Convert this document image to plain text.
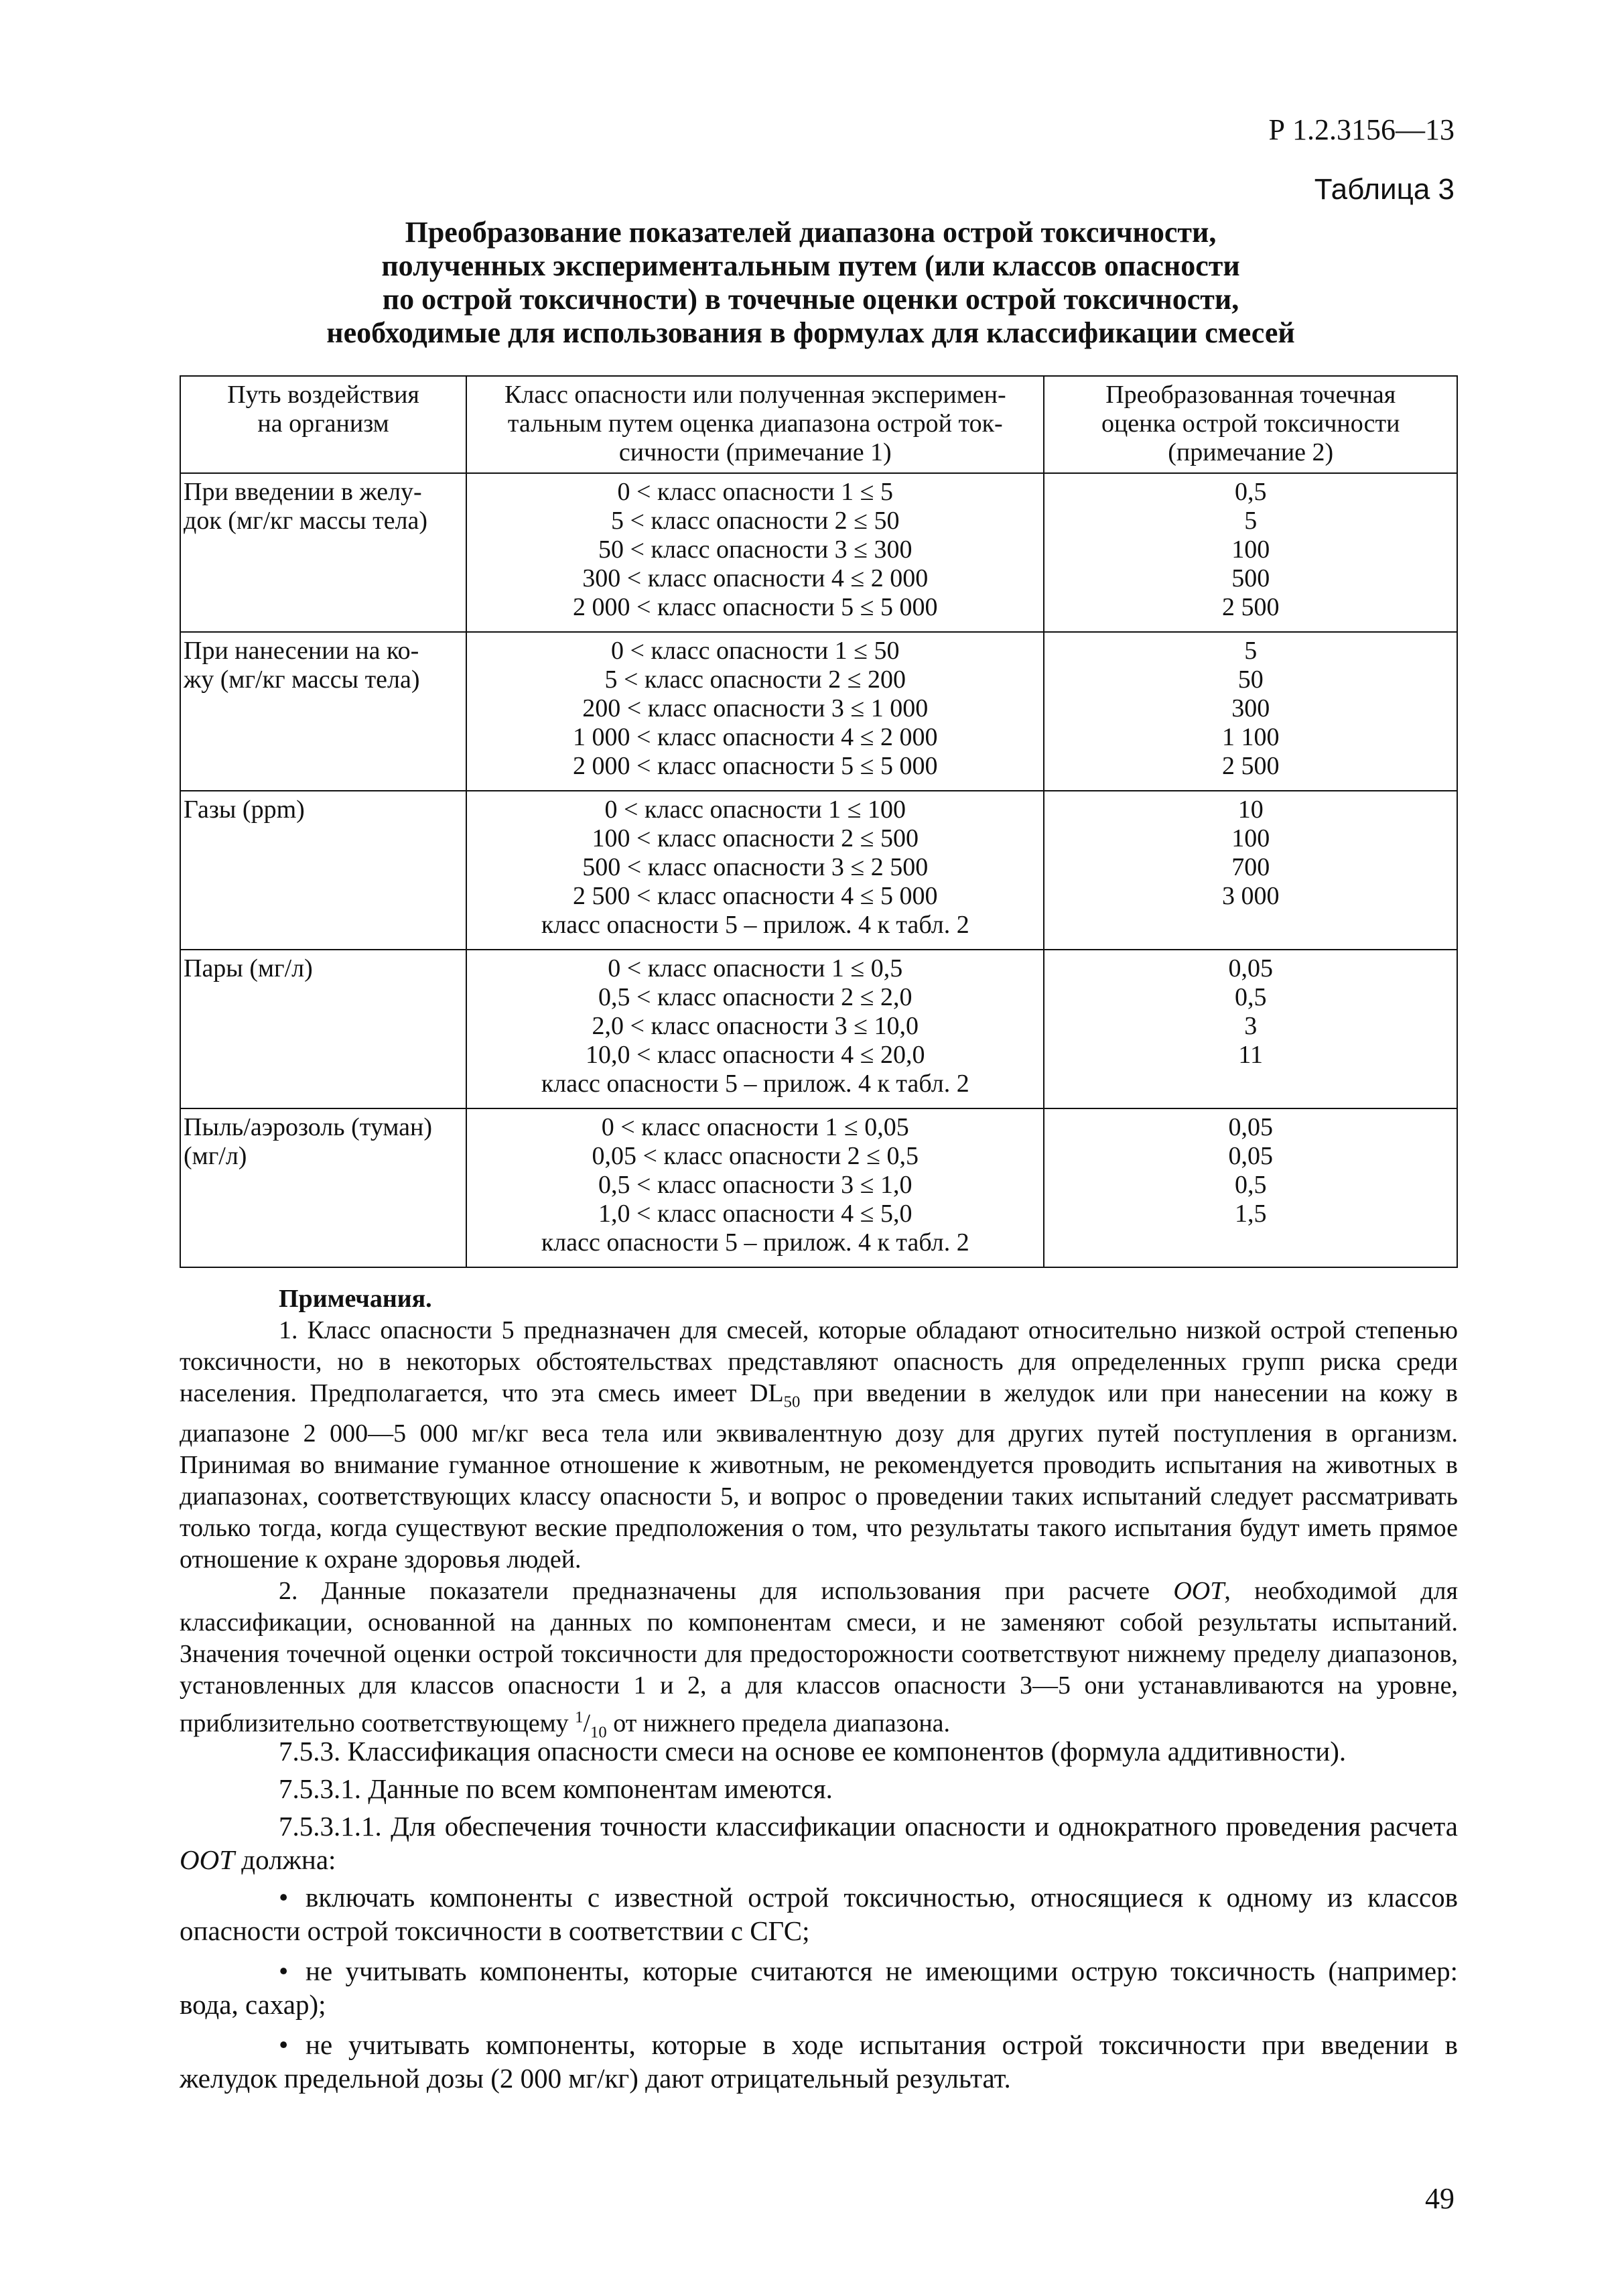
Р 1.2.3156—13
Таблица 3
Преобразование показателей диапазона острой токсичности,
полученных экспериментальным путем (или классов опасности
по острой токсичности) в точечные оценки острой токсичности,
необходимые для использования в формулах для классификации смесей
Путь воздействия
на организм	Класс опасности или полученная эксперимен-
тальным путем оценка диапазона острой ток-
сичности (примечание 1)	Преобразованная точечная
оценка острой токсичности
(примечание 2)

При введении в желу-
док (мг/кг массы тела)	0 < класс опасности 1 ≤ 5
5 < класс опасности 2 ≤ 50
50 < класс опасности 3 ≤ 300
300 < класс опасности 4 ≤ 2 000
2 000 < класс опасности 5 ≤ 5 000	0,5
5
100
500
2 500

При нанесении на ко-
жу (мг/кг массы тела)	0 < класс опасности 1 ≤ 50
5 < класс опасности 2 ≤ 200
200 < класс опасности 3 ≤ 1 000
1 000 < класс опасности 4 ≤ 2 000
2 000 < класс опасности 5 ≤ 5 000	5
50
300
1 100
2 500

Газы (ppm)	0 < класс опасности 1 ≤ 100
100 < класс опасности 2 ≤ 500
500 < класс опасности 3 ≤ 2 500
2 500 < класс опасности 4 ≤ 5 000
класс опасности 5 – прилож. 4 к табл. 2	10
100
700
3 000

Пары (мг/л)	0 < класс опасности 1 ≤ 0,5
0,5 < класс опасности 2 ≤ 2,0
2,0 < класс опасности 3 ≤ 10,0
10,0 < класс опасности 4 ≤ 20,0
класс опасности 5 – прилож. 4 к табл. 2	0,05
0,5
3
11

Пыль/аэрозоль (туман)
(мг/л)	0 < класс опасности 1 ≤ 0,05
0,05 < класс опасности 2 ≤ 0,5
0,5 < класс опасности 3 ≤ 1,0
1,0 < класс опасности 4 ≤ 5,0
класс опасности 5 – прилож. 4 к табл. 2	0,05
0,05
0,5
1,5
Примечания.

1. Класс опасности 5 предназначен для смесей, которые обладают относительно низкой острой степенью токсичности, но в некоторых обстоятельствах представляют опасность для определенных групп риска среди населения. Предполагается, что эта смесь имеет $DL_{50}$ при введении в желудок или при нанесении на кожу в диапазоне 2 000—5 000 мг/кг веса тела или эквивалентную дозу для других путей поступления в организм. Принимая во внимание гуманное отношение к животным, не рекомендуется проводить испытания на животных в диапазонах, соответствующих классу опасности 5, и вопрос о проведении таких испытаний следует рассматривать только тогда, когда существуют веские предположения о том, что результаты такого испытания будут иметь прямое отношение к охране здоровья людей.

2. Данные показатели предназначены для использования при расчете ООТ, необходимой для классификации, основанной на данных по компонентам смеси, и не заменяют собой результаты испытаний. Значения точечной оценки острой токсичности для предосторожности соответствуют нижнему пределу диапазонов, установленных для классов опасности 1 и 2, а для классов опасности 3—5 они устанавливаются на уровне, приблизительно соответствующему $^1/_{10}$ от нижнего предела диапазона.

7.5.3. Классификация опасности смеси на основе ее компонентов (формула аддитивности).

7.5.3.1. Данные по всем компонентам имеются.

7.5.3.1.1. Для обеспечения точности классификации опасности и однократного проведения расчета ООТ должна:

• включать компоненты с известной острой токсичностью, относящиеся к одному из классов опасности острой токсичности в соответствии с СГС;
• не учитывать компоненты, которые считаются не имеющими острую токсичность (например: вода, сахар);
• не учитывать компоненты, которые в ходе испытания острой токсичности при введении в желудок предельной дозы (2 000 мг/кг) дают отрицательный результат.
49
